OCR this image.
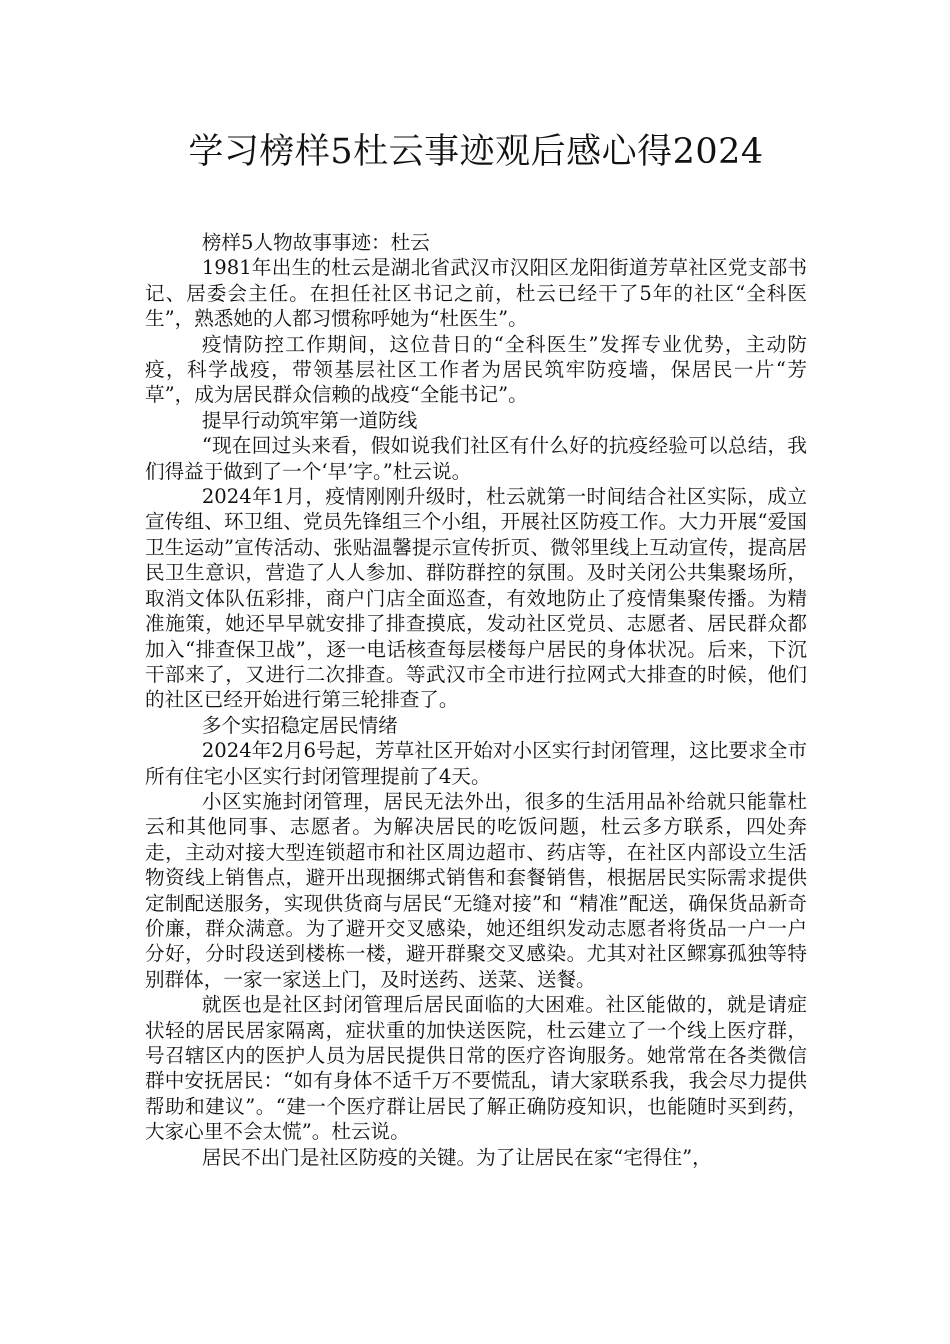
学习榜样5杜云事迹观后感心得2024

榜样5人物故事事迹：杜云

1981年出生的杜云是湖北省武汉市汉阳区龙阳街道芳草社区党支部书记、居委会主任。在担任社区书记之前，杜云已经干了5年的社区“全科医生”，熟悉她的人都习惯称呼她为“杜医生”。

疫情防控工作期间，这位昔日的“全科医生”发挥专业优势，主动防疫，科学战疫，带领基层社区工作者为居民筑牢防疫墙，保居民一片“芳草”，成为居民群众信赖的战疫“全能书记”。

提早行动筑牢第一道防线

“现在回过头来看，假如说我们社区有什么好的抗疫经验可以总结，我们得益于做到了一个‘早’字。”杜云说。

2024年1月，疫情刚刚升级时，杜云就第一时间结合社区实际，成立宣传组、环卫组、党员先锋组三个小组，开展社区防疫工作。大力开展“爱国卫生运动”宣传活动、张贴温馨提示宣传折页、微邻里线上互动宣传，提高居民卫生意识，营造了人人参加、群防群控的氛围。及时关闭公共集聚场所，取消文体队伍彩排，商户门店全面巡查，有效地防止了疫情集聚传播。为精准施策，她还早早就安排了排查摸底，发动社区党员、志愿者、居民群众都加入“排查保卫战”，逐一电话核查每层楼每户居民的身体状况。后来，下沉干部来了，又进行二次排查。等武汉市全市进行拉网式大排查的时候，他们的社区已经开始进行第三轮排查了。

多个实招稳定居民情绪

2024年2月6号起，芳草社区开始对小区实行封闭管理，这比要求全市所有住宅小区实行封闭管理提前了4天。

小区实施封闭管理，居民无法外出，很多的生活用品补给就只能靠杜云和其他同事、志愿者。为解决居民的吃饭问题，杜云多方联系，四处奔走，主动对接大型连锁超市和社区周边超市、药店等，在社区内部设立生活物资线上销售点，避开出现捆绑式销售和套餐销售，根据居民实际需求提供定制配送服务，实现供货商与居民“无缝对接”和 “精准”配送，确保货品新奇价廉，群众满意。为了避开交叉感染，她还组织发动志愿者将货品一户一户分好，分时段送到楼栋一楼，避开群聚交叉感染。尤其对社区鳏寡孤独等特别群体，一家一家送上门，及时送药、送菜、送餐。

就医也是社区封闭管理后居民面临的大困难。社区能做的，就是请症状轻的居民居家隔离，症状重的加快送医院，杜云建立了一个线上医疗群，号召辖区内的医护人员为居民提供日常的医疗咨询服务。她常常在各类微信群中安抚居民：“如有身体不适千万不要慌乱，请大家联系我，我会尽力提供帮助和建议”。“建一个医疗群让居民了解正确防疫知识，也能随时买到药，大家心里不会太慌”。杜云说。

居民不出门是社区防疫的关键。为了让居民在家“宅得住”，
